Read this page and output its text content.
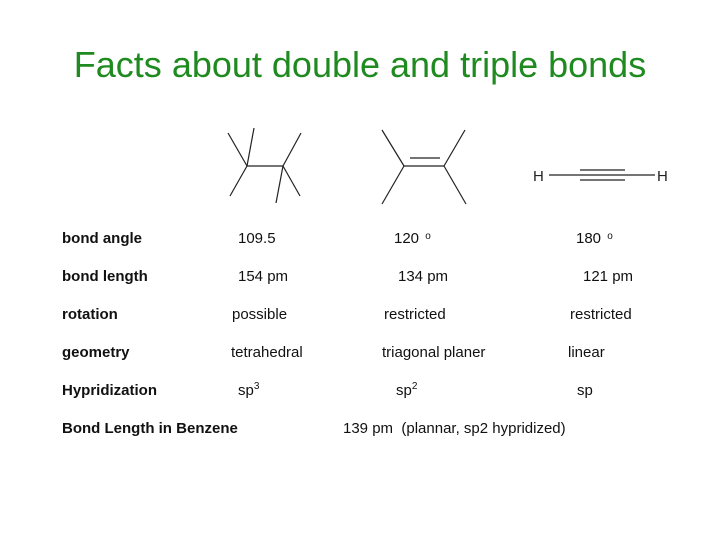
Facts about double and triple bonds
H	H
bond angle	109.5	120 $^o$	180 $^o$
bond length	154 pm	134 pm	121 pm
rotation	possible	restricted	restricted
geometry	tetrahedral	triagonal planer	linear
Hypridization	$sp^3$	$sp^2$	sp
Bond Length in Benzene	139 pm  (plannar, sp2 hypridized)
